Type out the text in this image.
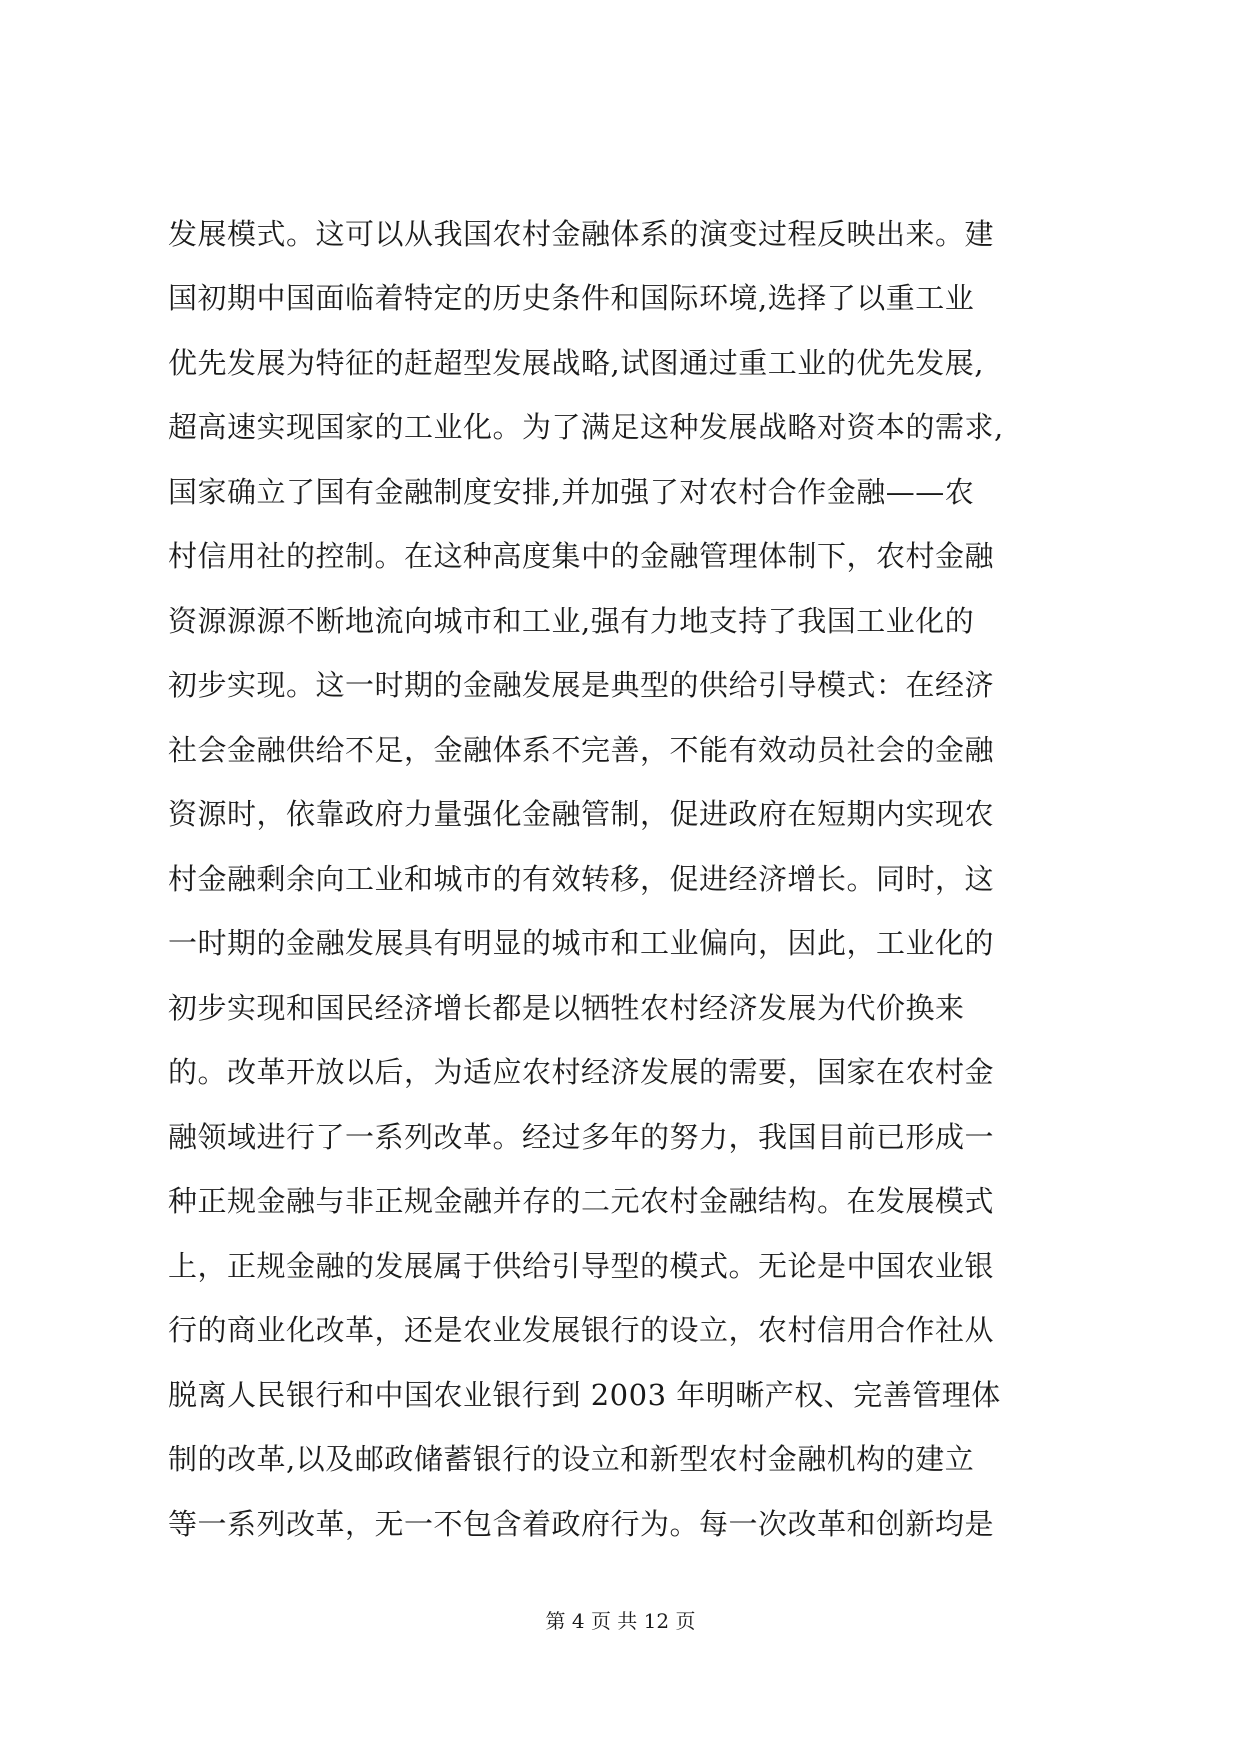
发展模式。这可以从我国农村金融体系的演变过程反映出来。建
国初期中国面临着特定的历史条件和国际环境,选择了以重工业
优先发展为特征的赶超型发展战略,试图通过重工业的优先发展,
超高速实现国家的工业化。为了满足这种发展战略对资本的需求,
国家确立了国有金融制度安排,并加强了对农村合作金融——农
村信用社的控制。在这种高度集中的金融管理体制下，农村金融
资源源源不断地流向城市和工业,强有力地支持了我国工业化的
初步实现。这一时期的金融发展是典型的供给引导模式：在经济
社会金融供给不足，金融体系不完善，不能有效动员社会的金融
资源时，依靠政府力量强化金融管制，促进政府在短期内实现农
村金融剩余向工业和城市的有效转移，促进经济增长。同时，这
一时期的金融发展具有明显的城市和工业偏向，因此，工业化的
初步实现和国民经济增长都是以牺牲农村经济发展为代价换来
的。改革开放以后，为适应农村经济发展的需要，国家在农村金
融领域进行了一系列改革。经过多年的努力，我国目前已形成一
种正规金融与非正规金融并存的二元农村金融结构。在发展模式
上，正规金融的发展属于供给引导型的模式。无论是中国农业银
行的商业化改革，还是农业发展银行的设立，农村信用合作社从
脱离人民银行和中国农业银行到 2003 年明晰产权、完善管理体
制的改革,以及邮政储蓄银行的设立和新型农村金融机构的建立
等一系列改革，无一不包含着政府行为。每一次改革和创新均是
第 4 页 共 12 页
